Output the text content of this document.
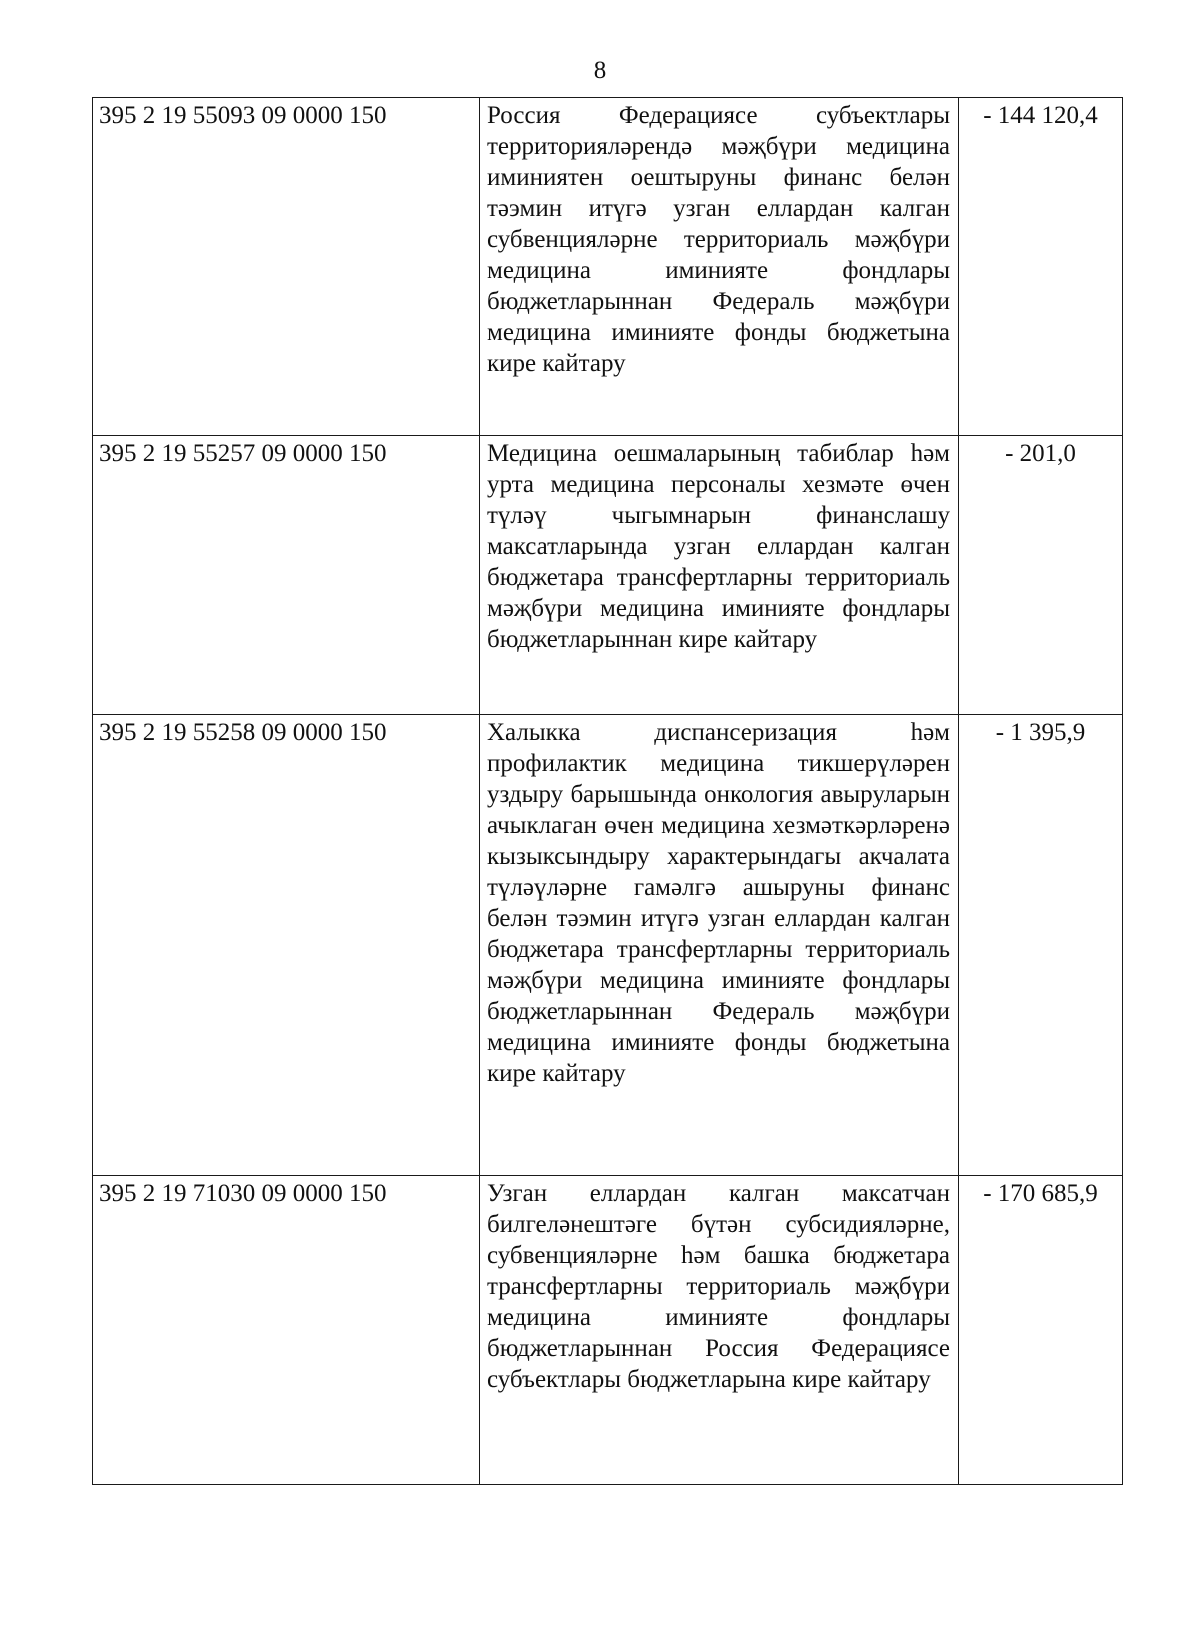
8
395 2 19 55093 09 0000 150	Россия Федерациясе субъектлары территорияләрендә мәҗбүри медицина иминиятен оештыруны финанс белән тәэмин итүгә узган еллардан калган субвенцияләрне территориаль мәҗбүри медицина иминияте фондлары бюджетларыннан Федераль мәҗбүри медицина иминияте фонды бюджетына кире кайтару	- 144 120,4
395 2 19 55257 09 0000 150	Медицина оешмаларының табиблар һәм урта медицина персоналы хезмәте өчен түләү чыгымнарын финанслашу максатларында узган еллардан калган бюджетара трансфертларны территориаль мәҗбүри медицина иминияте фондлары бюджетларыннан кире кайтару	- 201,0
395 2 19 55258 09 0000 150	Халыкка диспансеризация һәм профилактик медицина тикшерүләрен уздыру барышында онкология авыруларын ачыклаган өчен медицина хезмәткәрләренә кызыксындыру характерындагы акчалата түләүләрне гамәлгә ашыруны финанс белән тәэмин итүгә узган еллардан калган бюджетара трансфертларны территориаль мәҗбүри медицина иминияте фондлары бюджетларыннан Федераль мәҗбүри медицина иминияте фонды бюджетына кире кайтару	- 1 395,9
395 2 19 71030 09 0000 150	Узган еллардан калган максатчан билгеләнештәге бүтән субсидияләрне, субвенцияләрне һәм башка бюджетара трансфертларны территориаль мәҗбүри медицина иминияте фондлары бюджетларыннан Россия Федерациясе субъектлары бюджетларына кире кайтару	- 170 685,9
